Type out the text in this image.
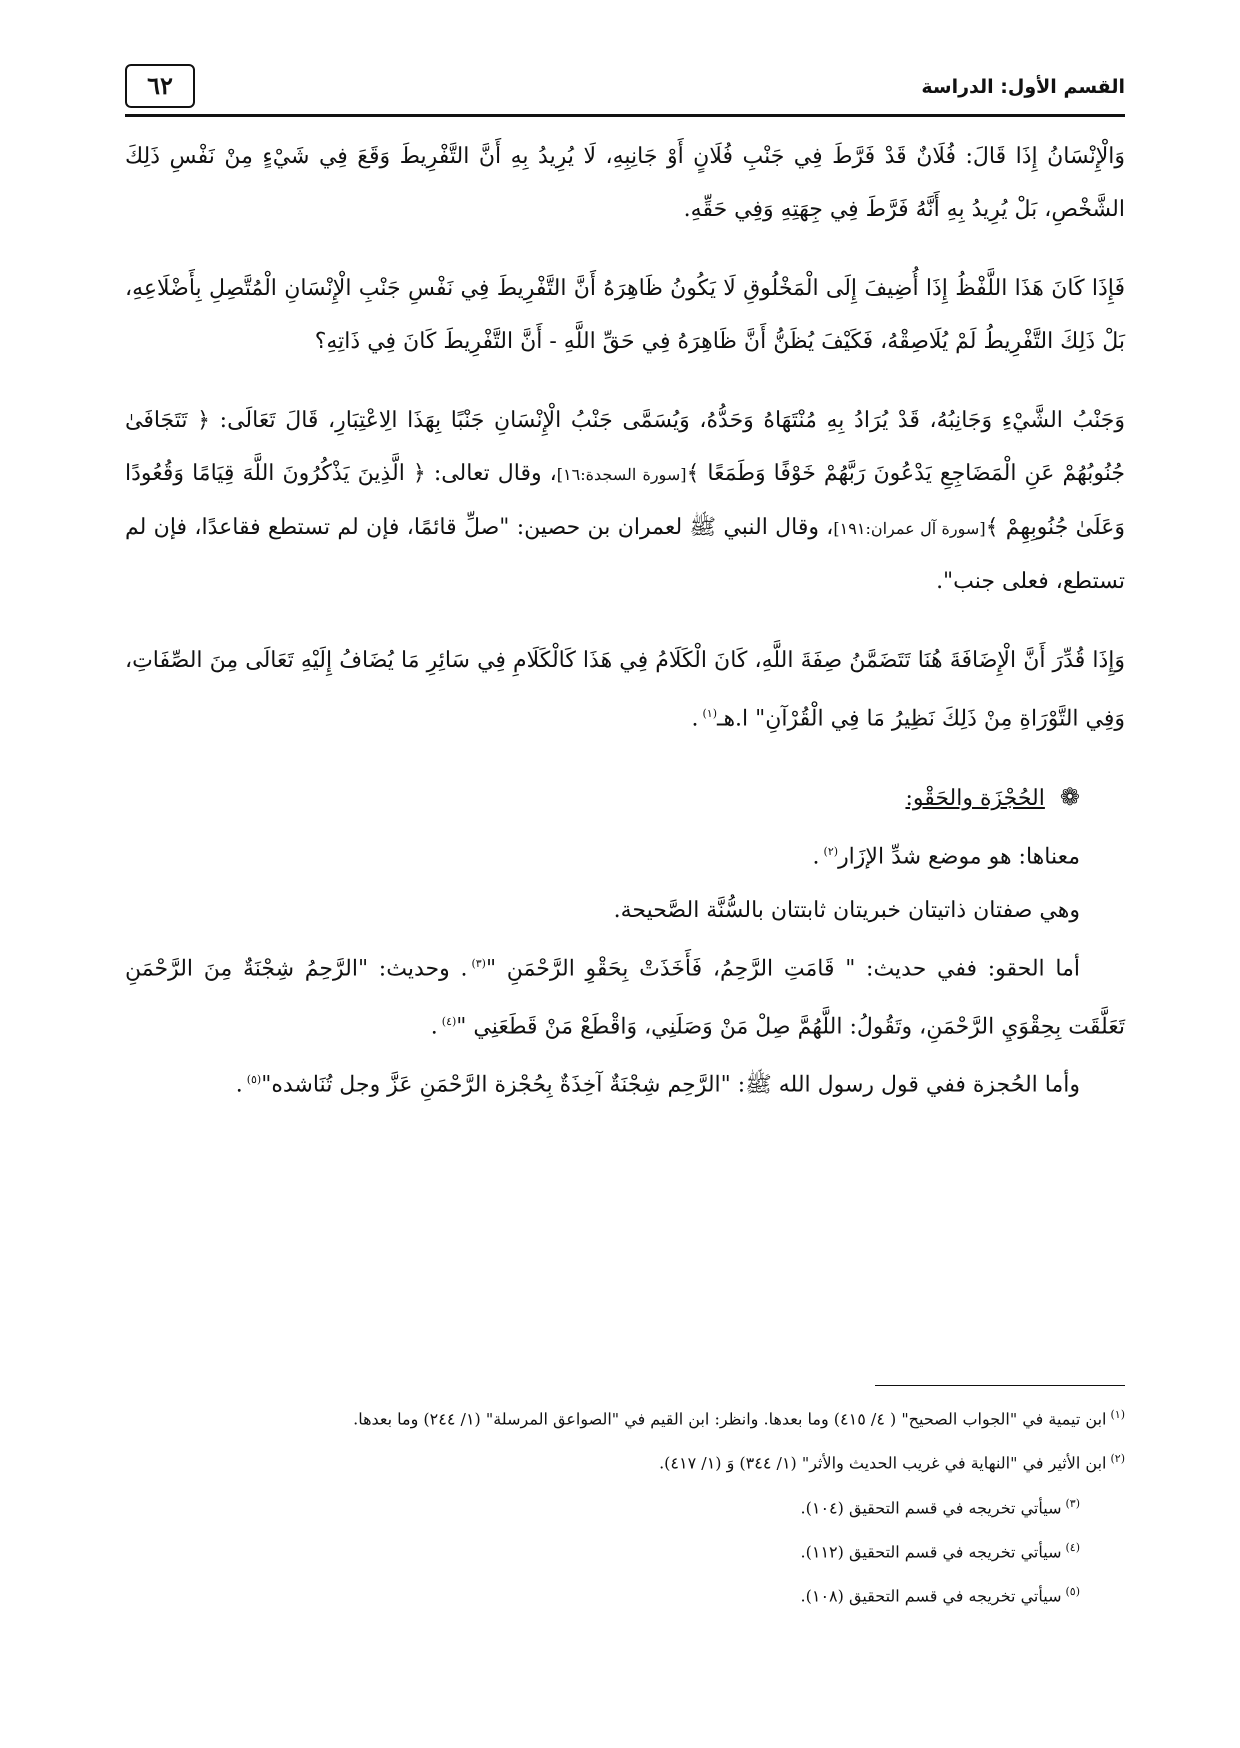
القسم الأول: الدراسة
٦٢

وَالْإِنْسَانُ إِذَا قَالَ: فُلَانٌ قَدْ فَرَّطَ فِي جَنْبِ فُلَانٍ أَوْ جَانِبِهِ، لَا يُرِيدُ بِهِ أَنَّ التَّفْرِيطَ وَقَعَ فِي شَيْءٍ مِنْ نَفْسِ ذَلِكَ الشَّخْصِ، بَلْ يُرِيدُ بِهِ أَنَّهُ فَرَّطَ فِي جِهَتِهِ وَفِي حَقِّهِ.

فَإِذَا كَانَ هَذَا اللَّفْظُ إِذَا أُضِيفَ إِلَى الْمَخْلُوقِ لَا يَكُونُ ظَاهِرَهُ أَنَّ التَّفْرِيطَ فِي نَفْسِ جَنْبِ الْإِنْسَانِ الْمُتَّصِلِ بِأَضْلَاعِهِ، بَلْ ذَلِكَ التَّفْرِيطُ لَمْ يُلَاصِقْهُ، فَكَيْفَ يُظَنُّ أَنَّ ظَاهِرَهُ فِي حَقِّ اللَّهِ - أَنَّ التَّفْرِيطَ كَانَ فِي ذَاتِهِ؟

وَجَنْبُ الشَّيْءِ وَجَانِبُهُ، قَدْ يُرَادُ بِهِ مُنْتَهَاهُ وَحَدُّهُ، وَيُسَمَّى جَنْبُ الْإِنْسَانِ جَنْبًا بِهَذَا الِاعْتِبَارِ، قَالَ تَعَالَى: ﴿ تَتَجَافَىٰ جُنُوبُهُمْ عَنِ الْمَضَاجِعِ يَدْعُونَ رَبَّهُمْ خَوْفًا وَطَمَعًا ﴾[سورة السجدة:١٦]، وقال تعالى: ﴿ الَّذِينَ يَذْكُرُونَ اللَّهَ قِيَامًا وَقُعُودًا وَعَلَىٰ جُنُوبِهِمْ ﴾[سورة آل عمران:١٩١]، وقال النبي ﷺ لعمران بن حصين: "صلِّ قائمًا، فإن لم تستطع فقاعدًا، فإن لم تستطع، فعلى جنب".

وَإِذَا قُدِّرَ أَنَّ الْإِضَافَةَ هُنَا تَتَضَمَّنُ صِفَةَ اللَّهِ، كَانَ الْكَلَامُ فِي هَذَا كَالْكَلَامِ فِي سَائِرِ مَا يُضَافُ إِلَيْهِ تَعَالَى مِنَ الصِّفَاتِ، وَفِي التَّوْرَاةِ مِنْ ذَلِكَ نَظِيرُ مَا فِي الْقُرْآنِ" ا.هـ$^{(١)}$.

❁ الحُجْزَة والحَقْو:

معناها: هو موضع شدِّ الإزَار$^{(٢)}$.

وهي صفتان ذاتيتان خبريتان ثابتتان بالسُّنَّة الصَّحيحة.

أما الحقو: ففي حديث: " قَامَتِ الرَّحِمُ، فَأَخَذَتْ بِحَقْوِ الرَّحْمَنِ "$^{(٣)}$. وحديث: "الرَّحِمُ شِجْنَةٌ مِنَ الرَّحْمَنِ تَعَلَّقَت بِحِقْوَيِ الرَّحْمَنِ، وتَقُولُ: اللَّهُمَّ صِلْ مَنْ وَصَلَنِي، وَاقْطَعْ مَنْ قَطَعَنِي "$^{(٤)}$.

وأما الحُجزة ففي قول رسول الله ﷺ: "الرَّحِم شِجْنَةٌ آخِذَةٌ بِحُجْزة الرَّحْمَنِ عَزَّ وجل تُنَاشده"$^{(٥)}$.

$^{(١)}$ابن تيمية في "الجواب الصحيح" ( ٤/ ٤١٥) وما بعدها. وانظر: ابن القيم في "الصواعق المرسلة" (١/ ٢٤٤) وما بعدها.

$^{(٢)}$ابن الأثير في "النهاية في غريب الحديث والأثر" (١/ ٣٤٤) وَ (١/ ٤١٧).

$^{(٣)}$سيأتي تخريجه في قسم التحقيق (١٠٤).

$^{(٤)}$سيأتي تخريجه في قسم التحقيق (١١٢).

$^{(٥)}$سيأتي تخريجه في قسم التحقيق (١٠٨).
